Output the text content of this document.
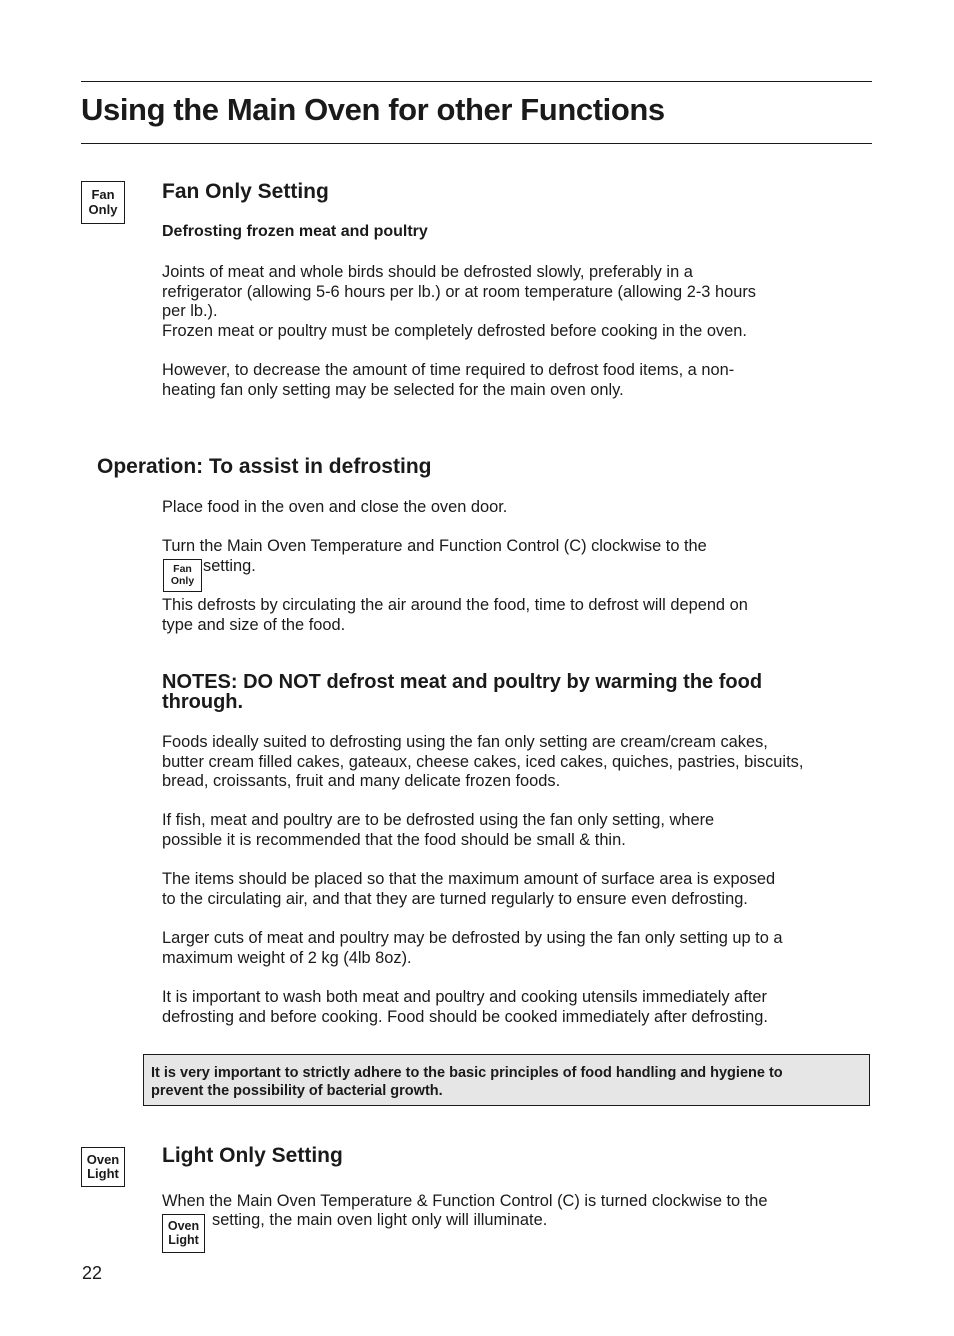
Using the Main Oven for other Functions
Fan
Only
Fan Only Setting
Defrosting frozen meat and poultry
Joints of meat and whole birds should be defrosted slowly, preferably in a
refrigerator (allowing 5-6 hours per lb.) or at room temperature (allowing 2-3 hours
per lb.).
Frozen meat or poultry must be completely defrosted before cooking in the oven.
However, to decrease the amount of time required to defrost food items, a non-
heating fan only setting may be selected for the main oven only.
Operation: To assist in defrosting
Place food in the oven and close the oven door.
Turn the Main Oven Temperature and Function Control (C) clockwise to the
Fan
Only
setting.
This defrosts by circulating the air around the food, time to defrost will depend on
type and size of the food.
NOTES: DO NOT defrost meat and poultry by warming the food
through.
Foods ideally suited to defrosting using the fan only setting are cream/cream cakes,
butter cream filled cakes, gateaux, cheese cakes, iced cakes, quiches, pastries, biscuits,
bread, croissants, fruit and many delicate frozen foods.
If fish, meat and poultry are to be defrosted using the fan only setting, where
possible it is recommended that the food should be small & thin.
The items should be placed so that the maximum amount of surface area is exposed
to the circulating air, and that they are turned regularly to ensure even defrosting.
Larger cuts of meat and poultry may be defrosted by using the fan only setting up to a
maximum weight of 2 kg (4lb 8oz).
It is important to wash both meat and poultry and cooking utensils immediately after
defrosting and before cooking. Food should be cooked immediately after defrosting.
It is very important to strictly adhere to the basic principles of food handling and hygiene to
prevent the possibility of bacterial growth.
Oven
Light
Light Only Setting
When the Main Oven Temperature & Function Control (C) is turned clockwise to the
Oven
Light
setting, the main oven light only will illuminate.
22
